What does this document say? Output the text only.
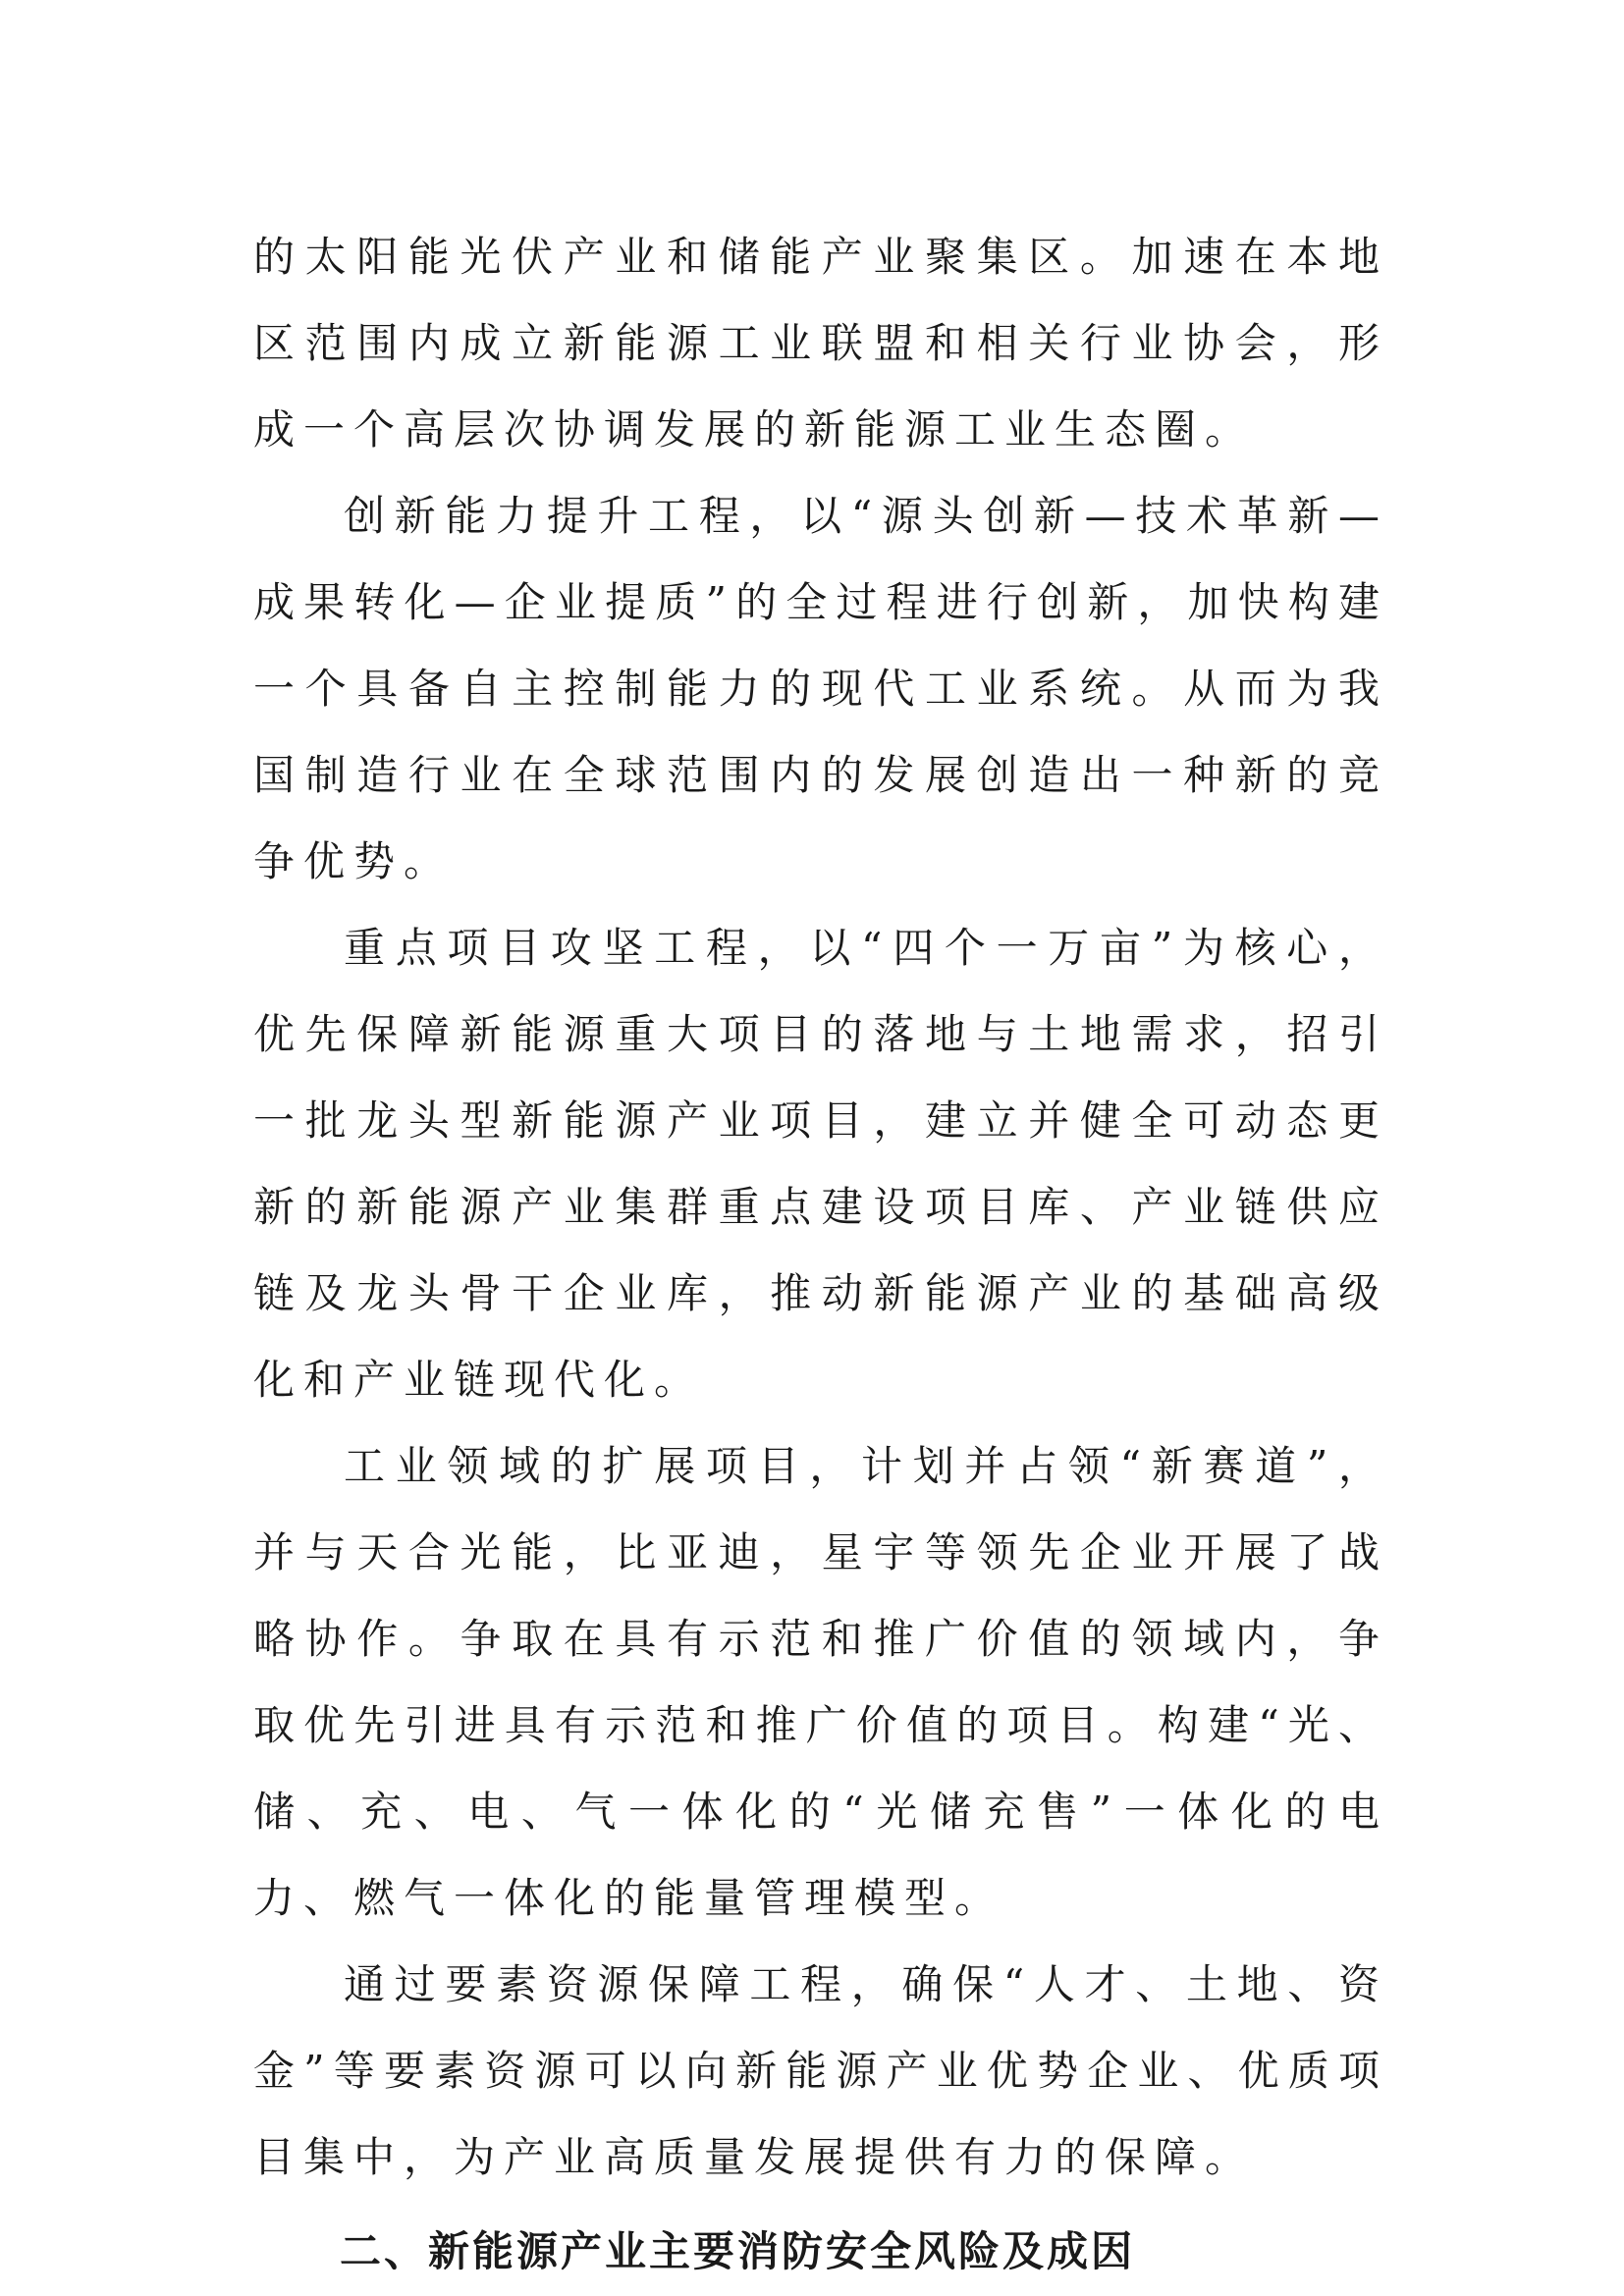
的太阳能光伏产业和储能产业聚集区。加速在本地区范围内成立新能源工业联盟和相关行业协会，形成一个高层次协调发展的新能源工业生态圈。

创新能力提升工程，以“源头创新—技术革新—成果转化—企业提质”的全过程进行创新，加快构建一个具备自主控制能力的现代工业系统。从而为我国制造行业在全球范围内的发展创造出一种新的竞争优势。

重点项目攻坚工程，以“四个一万亩”为核心，优先保障新能源重大项目的落地与土地需求，招引一批龙头型新能源产业项目，建立并健全可动态更新的新能源产业集群重点建设项目库、产业链供应链及龙头骨干企业库，推动新能源产业的基础高级化和产业链现代化。

工业领域的扩展项目，计划并占领“新赛道”，并与天合光能，比亚迪，星宇等领先企业开展了战略协作。争取在具有示范和推广价值的领域内，争取优先引进具有示范和推广价值的项目。构建“光、储、充、电、气一体化的“光储充售”一体化的电力、燃气一体化的能量管理模型。

通过要素资源保障工程，确保“人才、土地、资金”等要素资源可以向新能源产业优势企业、优质项目集中，为产业高质量发展提供有力的保障。

二、新能源产业主要消防安全风险及成因
